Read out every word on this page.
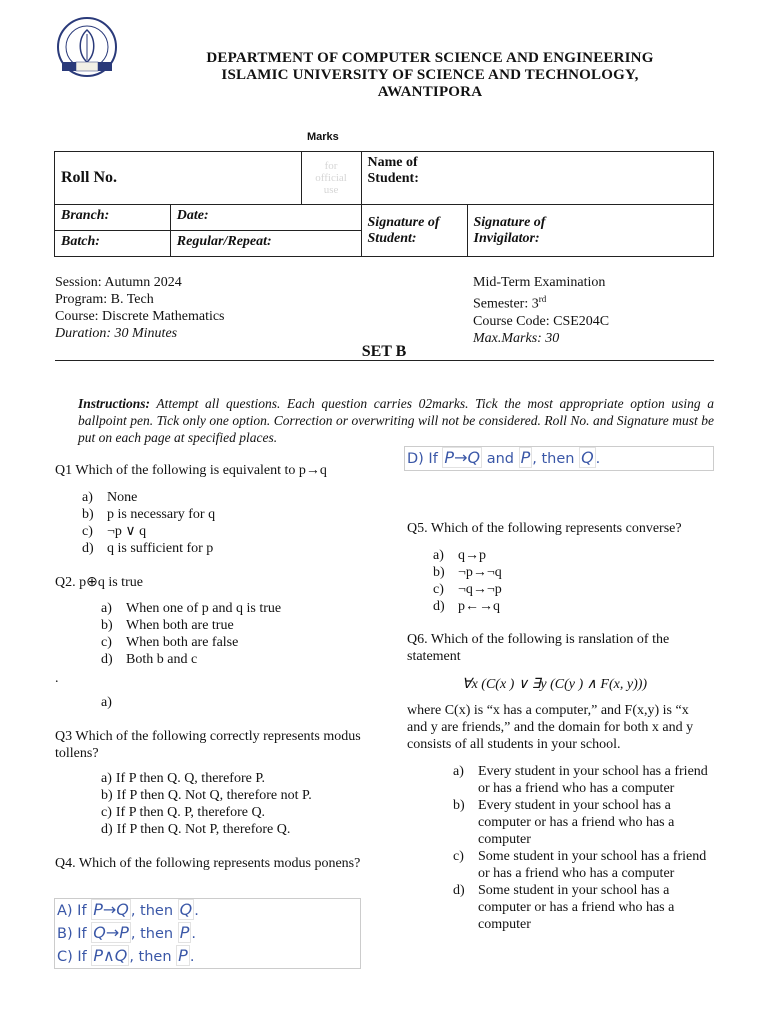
DEPARTMENT OF COMPUTER SCIENCE AND ENGINEERING
ISLAMIC UNIVERSITY OF SCIENCE AND TECHNOLOGY,
AWANTIPORA
Marks
Roll No.		for official use	Name of Student:	
Branch:	Date:		Signature of Student:	Signature of Invigilator:
Batch:	Regular/Repeat:			
Session: Autumn 2024
Program: B. Tech
Course: Discrete Mathematics
Duration: 30 Minutes
Mid-Term Examination
Semester: 3rd
Course Code: CSE204C
Max.Marks: 30
SET B
Instructions: Attempt all questions. Each question carries 02marks. Tick the most appropriate option using a ballpoint pen. Tick only one option. Correction or overwriting will not be considered. Roll No. and Signature must be put on each page at specified places.
Q1 Which of the following is equivalent to p→q
a)	None
b) p is necessary for q
c)	¬p ∨ q
d) q is sufficient for p
Q2. p⊕q is true
a)	When one of p and q is true
b) When both are true
c)	When both are false
d) Both b and c
.
a)
Q3 Which of the following correctly represents modus tollens?
a) If P then Q. Q, therefore P.
b) If P then Q. Not Q, therefore not P.
c) If P then Q. P, therefore Q.
d) If P then Q. Not P, therefore Q.
Q4. Which of the following represents modus ponens?
A) If P→Q , then Q .
B) If Q→P , then P .
C) If P∧Q , then P .
D) If P→Q and P , then Q .
Q5. Which of the following represents converse?
a)	q→p
b) ¬p→¬q
c)	¬q→¬p
d) p←→q
Q6. Which of the following is ranslation of the statement
∀x (C(x ) ∨ ∃y (C(y ) ∧ F(x, y)))
where C(x) is “x has a computer,” and F(x,y) is “x and y are friends,” and the domain for both x and y consists of all students in your school.
a)	Every student in your school has a friend or has a friend who has a computer
b) Every student in your school has a computer or has a friend who has a computer
c)	Some student in your school has a friend or has a friend who has a computer
d) Some student in your school has a computer or has a friend who has a computer
